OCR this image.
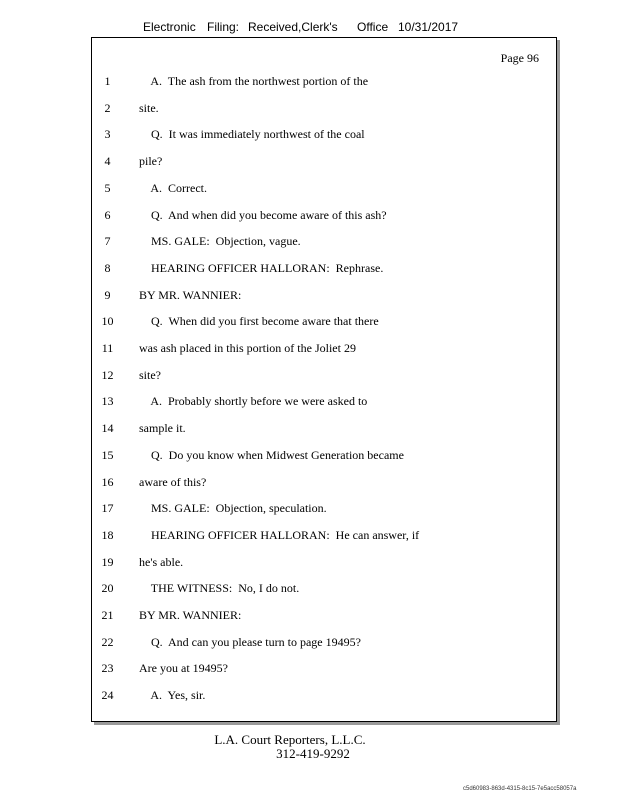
Electronic Filing: Received,Clerk's Office 10/31/2017
Page 96
1	A.  The ash from the northwest portion of the
2	site.
3	Q.  It was immediately northwest of the coal
4	pile?
5	A.  Correct.
6	Q.  And when did you become aware of this ash?
7	MS. GALE:  Objection, vague.
8	HEARING OFFICER HALLORAN:  Rephrase.
9	BY MR. WANNIER:
10	Q.  When did you first become aware that there
11	was ash placed in this portion of the Joliet 29
12	site?
13	A.  Probably shortly before we were asked to
14	sample it.
15	Q.  Do you know when Midwest Generation became
16	aware of this?
17	MS. GALE:  Objection, speculation.
18	HEARING OFFICER HALLORAN:  He can answer, if
19	he's able.
20	THE WITNESS:  No, I do not.
21	BY MR. WANNIER:
22	Q.  And can you please turn to page 19495?
23	Are you at 19495?
24	A.  Yes, sir.
L.A. Court Reporters, L.L.C.
312-419-9292
c5d60983-863d-4315-8c15-7e5acc58057a
